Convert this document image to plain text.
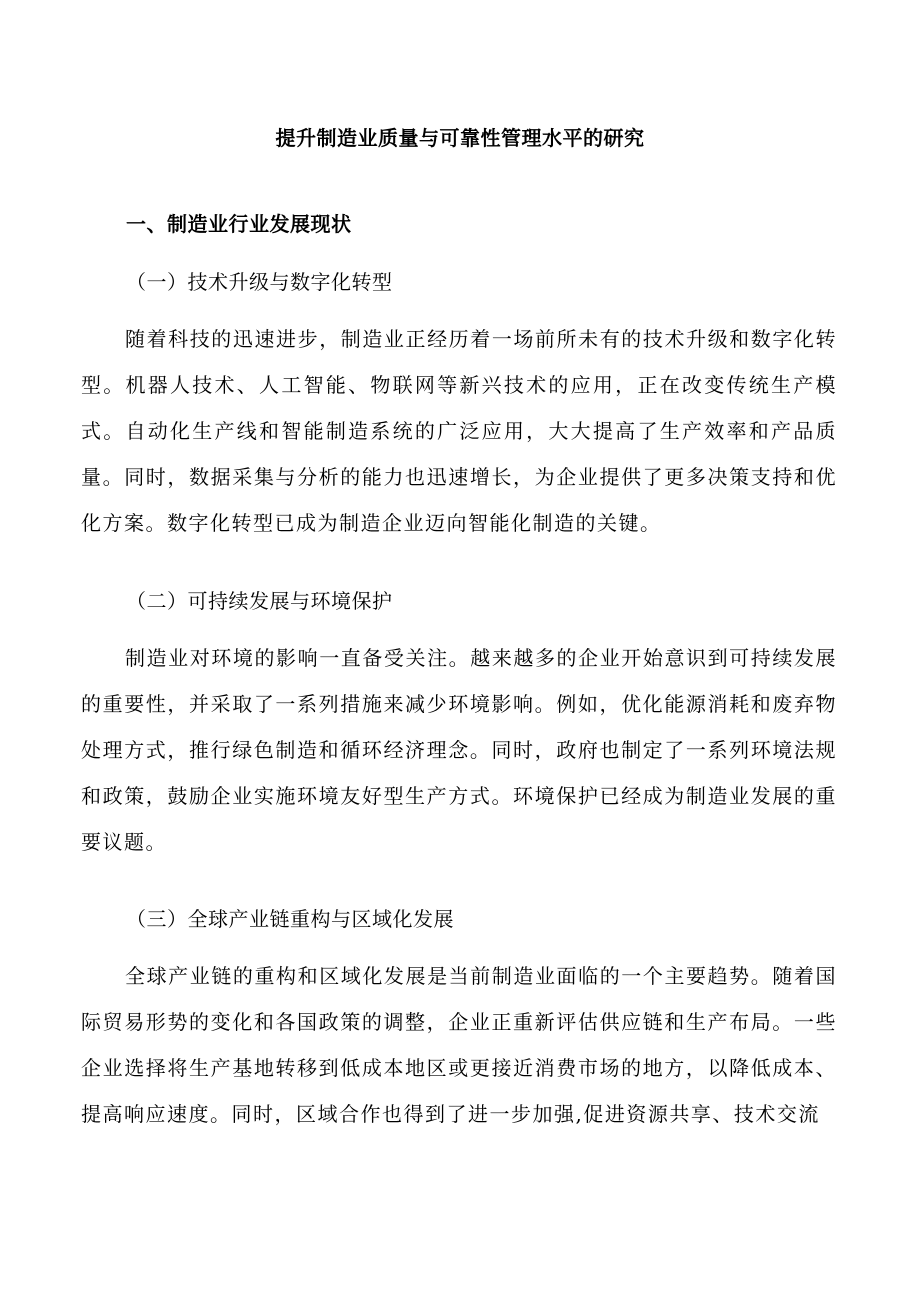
提升制造业质量与可靠性管理水平的研究
一、制造业行业发展现状
（一）技术升级与数字化转型
随着科技的迅速进步，制造业正经历着一场前所未有的技术升级和数字化转型。机器人技术、人工智能、物联网等新兴技术的应用，正在改变传统生产模式。自动化生产线和智能制造系统的广泛应用，大大提高了生产效率和产品质量。同时，数据采集与分析的能力也迅速增长，为企业提供了更多决策支持和优化方案。数字化转型已成为制造企业迈向智能化制造的关键。
（二）可持续发展与环境保护
制造业对环境的影响一直备受关注。越来越多的企业开始意识到可持续发展的重要性，并采取了一系列措施来减少环境影响。例如，优化能源消耗和废弃物处理方式，推行绿色制造和循环经济理念。同时，政府也制定了一系列环境法规和政策，鼓励企业实施环境友好型生产方式。环境保护已经成为制造业发展的重要议题。
（三）全球产业链重构与区域化发展
全球产业链的重构和区域化发展是当前制造业面临的一个主要趋势。随着国际贸易形势的变化和各国政策的调整，企业正重新评估供应链和生产布局。一些企业选择将生产基地转移到低成本地区或更接近消费市场的地方，以降低成本、提高响应速度。同时，区域合作也得到了进一步加强,促进资源共享、技术交流
